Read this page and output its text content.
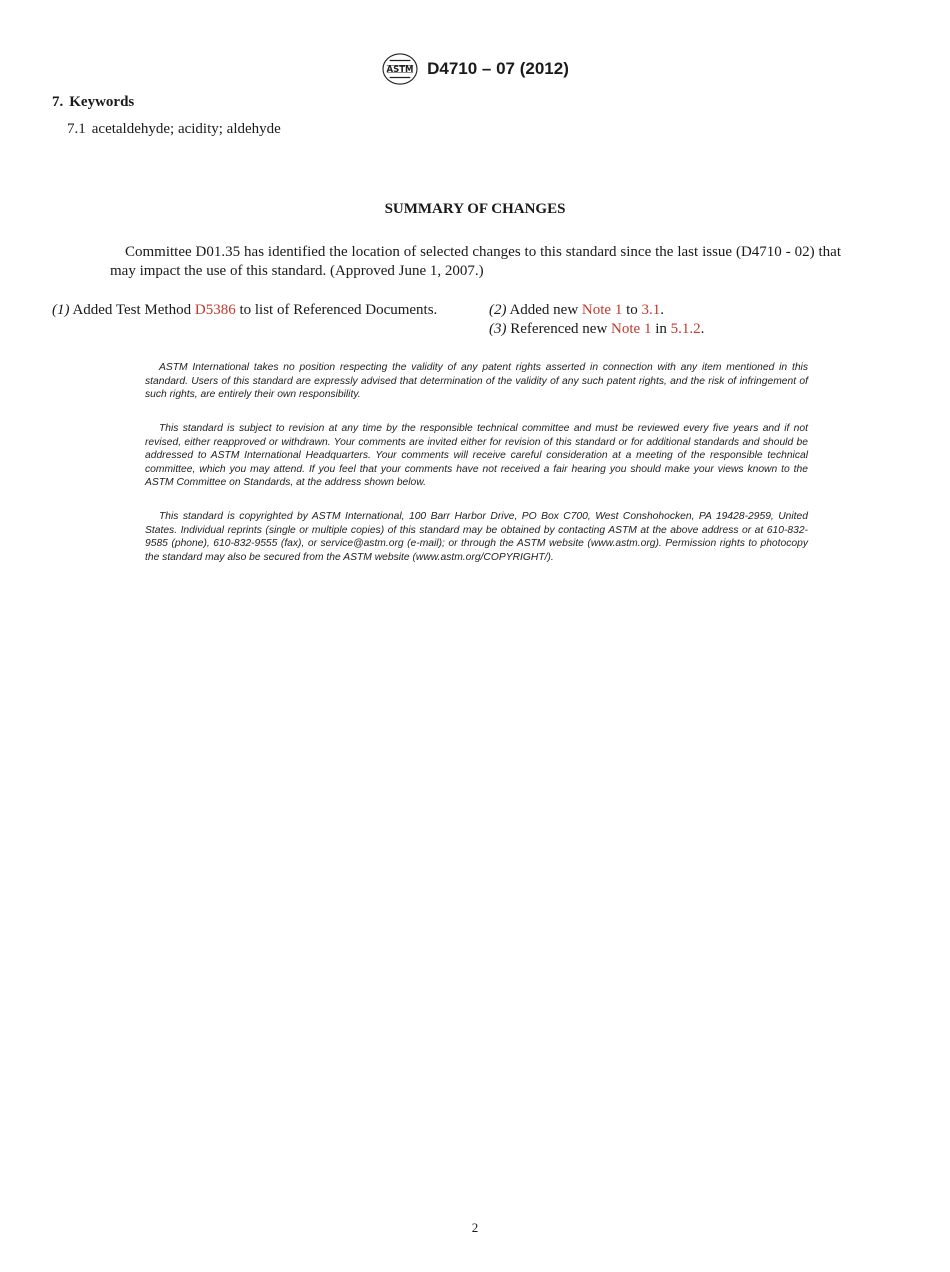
ASTM D4710 – 07 (2012)
7. Keywords
7.1 acetaldehyde; acidity; aldehyde
SUMMARY OF CHANGES
Committee D01.35 has identified the location of selected changes to this standard since the last issue (D4710 - 02) that may impact the use of this standard. (Approved June 1, 2007.)

(1) Added Test Method D5386 to list of Referenced Documents.	(2) Added new Note 1 to 3.1.

(3) Referenced new Note 1 in 5.1.2.

ASTM International takes no position respecting the validity of any patent rights asserted in connection with any item mentioned in this standard. Users of this standard are expressly advised that determination of the validity of any such patent rights, and the risk of infringement of such rights, are entirely their own responsibility.
This standard is subject to revision at any time by the responsible technical committee and must be reviewed every five years and if not revised, either reapproved or withdrawn. Your comments are invited either for revision of this standard or for additional standards and should be addressed to ASTM International Headquarters. Your comments will receive careful consideration at a meeting of the responsible technical committee, which you may attend. If you feel that your comments have not received a fair hearing you should make your views known to the ASTM Committee on Standards, at the address shown below.
This standard is copyrighted by ASTM International, 100 Barr Harbor Drive, PO Box C700, West Conshohocken, PA 19428-2959, United States. Individual reprints (single or multiple copies) of this standard may be obtained by contacting ASTM at the above address or at 610-832-9585 (phone), 610-832-9555 (fax), or service@astm.org (e-mail); or through the ASTM website (www.astm.org). Permission rights to photocopy the standard may also be secured from the ASTM website (www.astm.org/COPYRIGHT/).
2
